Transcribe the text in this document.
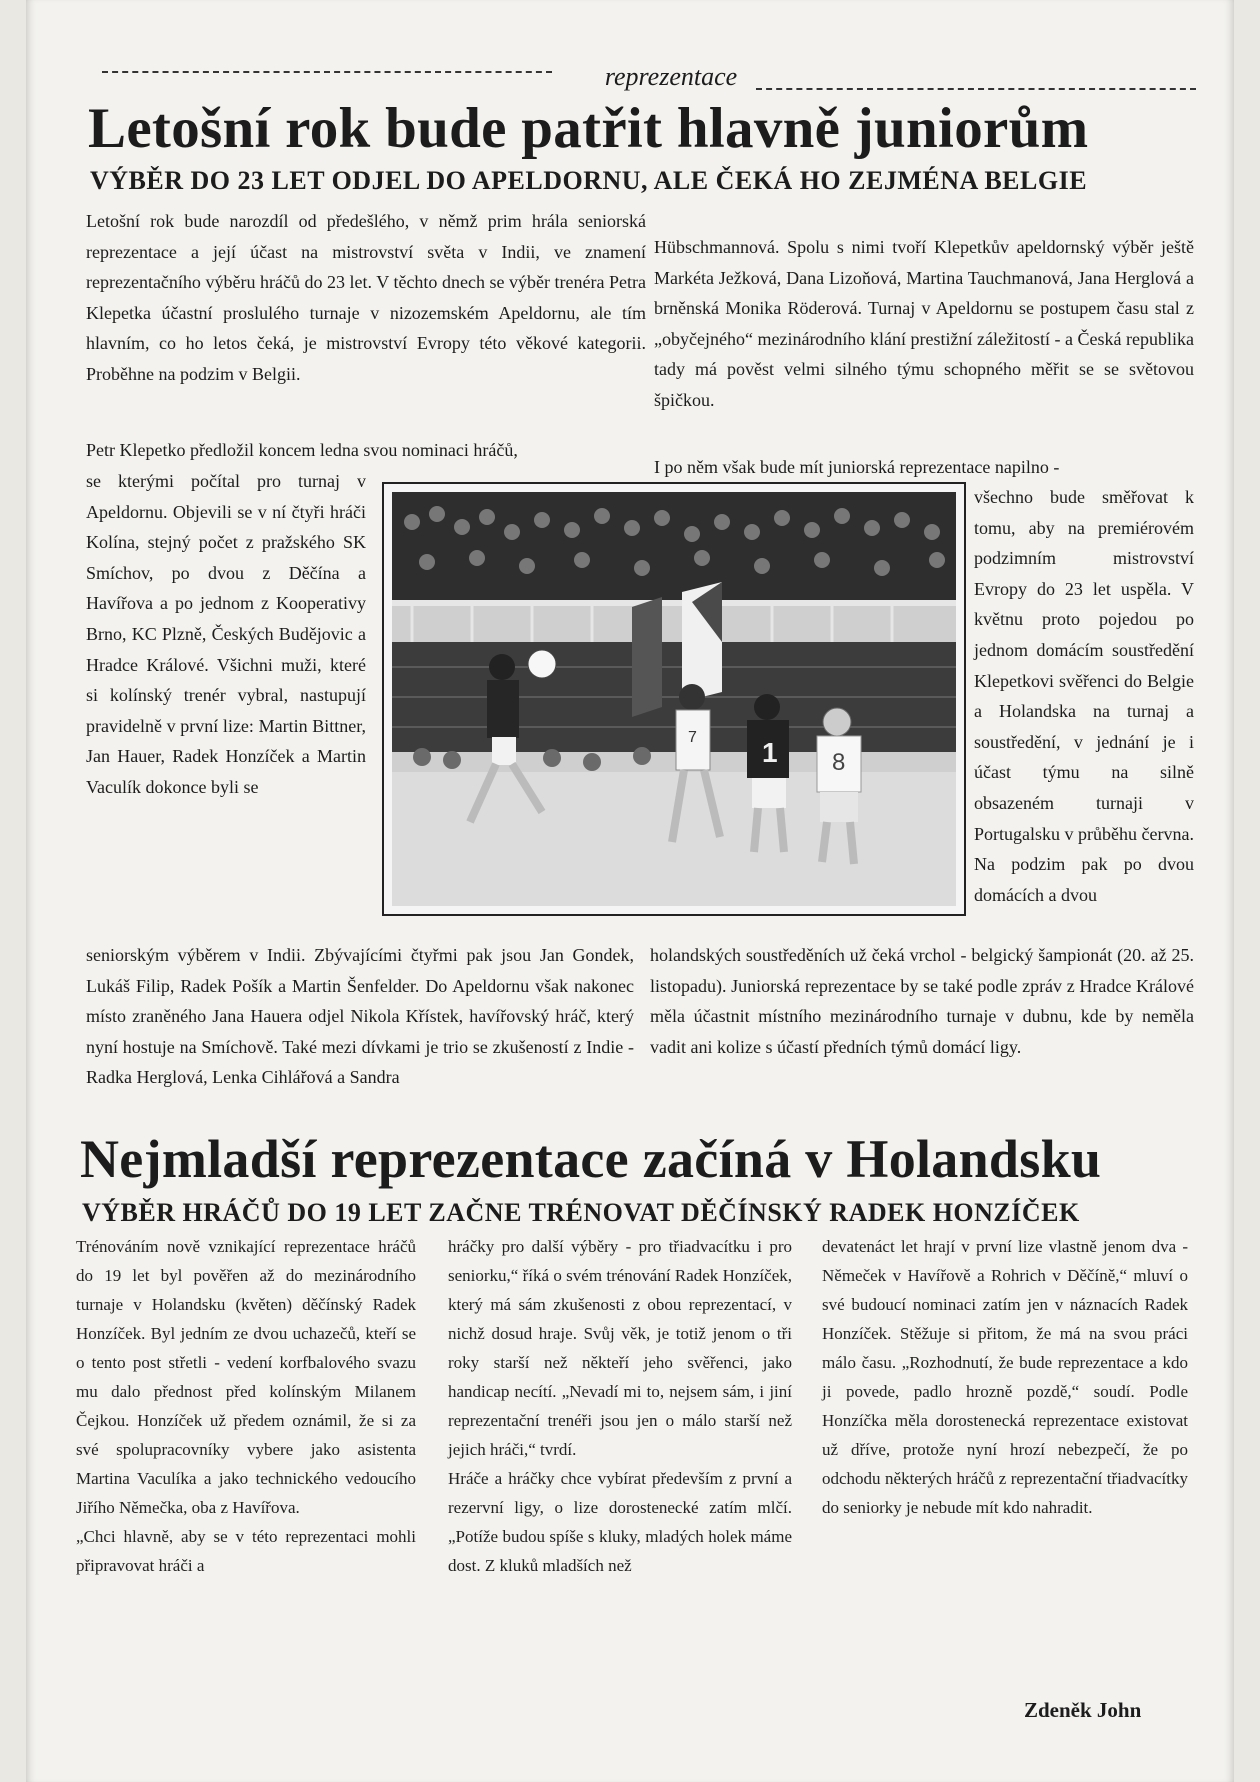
reprezentace
Letošní rok bude patřit hlavně juniorům
VÝBĚR DO 23 LET ODJEL DO APELDORNU, ALE ČEKÁ HO ZEJMÉNA BELGIE

Letošní rok bude narozdíl od předešlého, v němž prim hrála seniorská reprezentace a její účast na mistrovství světa v Indii, ve znamení reprezentačního výběru hráčů do 23 let. V těchto dnech se výběr trenéra Petra Klepetka účastní proslulého turnaje v nizozemském Apeldornu, ale tím hlavním, co ho letos čeká, je mistrovství Evropy této věkové kategorii. Proběhne na podzim v Belgii.

Petr Klepetko předložil koncem ledna svou nominaci hráčů,

se kterými počítal pro turnaj v Apeldornu. Objevili se v ní čtyři hráči Kolína, stejný počet z pražského SK Smíchov, po dvou z Děčína a Havířova a po jednom z Kooperativy Brno, KC Plzně, Českých Budějovic a Hradce Králové. Všichni muži, které si kolínský trenér vybral, nastupují pravidelně v první lize: Martin Bittner, Jan Hauer, Radek Honzíček a Martin Vaculík dokonce byli se

seniorským výběrem v Indii. Zbývajícími čtyřmi pak jsou Jan Gondek, Lukáš Filip, Radek Pošík a Martin Šenfelder. Do Apeldornu však nakonec místo zraněného Jana Hauera odjel Nikola Křístek, havířovský hráč, který nyní hostuje na Smíchově. Také mezi dívkami je trio se zkušeností z Indie - Radka Herglová, Lenka Cihlářová a Sandra

Hübschmannová. Spolu s nimi tvoří Klepetkův apeldornský výběr ještě Markéta Ježková, Dana Lizoňová, Martina Tauchmanová, Jana Herglová a brněnská Monika Röderová. Turnaj v Apeldornu se postupem času stal z „obyčejného“ mezinárodního klání prestižní záležitostí - a Česká republika tady má pověst velmi silného týmu schopného měřit se se světovou špičkou.

I po něm však bude mít juniorská reprezentace napilno -

všechno bude směřovat k tomu, aby na premiérovém podzimním mistrovství Evropy do 23 let uspěla. V květnu proto pojedou po jednom domácím soustředění Klepetkovi svěřenci do Belgie a Holandska na turnaj a soustředění, v jednání je i účast týmu na silně obsazeném turnaji v Portugalsku v průběhu června. Na podzim pak po dvou domácích a dvou

holandských soustředěních už čeká vrchol - belgický šampionát (20. až 25. listopadu). Juniorská reprezentace by se také podle zpráv z Hradce Králové měla účastnit místního mezinárodního turnaje v dubnu, kde by neměla vadit ani kolize s účastí předních týmů domácí ligy.

7 1 8
Nejmladší reprezentace začíná v Holandsku
VÝBĚR HRÁČŮ DO 19 LET ZAČNE TRÉNOVAT DĚČÍNSKÝ RADEK HONZÍČEK

Trénováním nově vznikající reprezentace hráčů do 19 let byl pověřen až do mezinárodního turnaje v Holandsku (květen) děčínský Radek Honzíček. Byl jedním ze dvou uchazečů, kteří se o tento post střetli - vedení korfbalového svazu mu dalo přednost před kolínským Milanem Čejkou. Honzíček už předem oznámil, že si za své spolupracovníky vybere jako asistenta Martina Vaculíka a jako technického vedoucího Jiřího Němečka, oba z Havířova.

„Chci hlavně, aby se v této reprezentaci mohli připravovat hráči a

hráčky pro další výběry - pro třiadvacítku i pro seniorku,“ říká o svém trénování Radek Honzíček, který má sám zkušenosti z obou reprezentací, v nichž dosud hraje. Svůj věk, je totiž jenom o tři roky starší než někteří jeho svěřenci, jako handicap necítí. „Nevadí mi to, nejsem sám, i jiní reprezentační trenéři jsou jen o málo starší než jejich hráči,“ tvrdí.

Hráče a hráčky chce vybírat především z první a rezervní ligy, o lize dorostenecké zatím mlčí. „Potíže budou spíše s kluky, mladých holek máme dost. Z kluků mladších než

devatenáct let hrají v první lize vlastně jenom dva - Němeček v Havířově a Rohrich v Děčíně,“ mluví o své budoucí nominaci zatím jen v náznacích Radek Honzíček. Stěžuje si přitom, že má na svou práci málo času. „Rozhodnutí, že bude reprezentace a kdo ji povede, padlo hrozně pozdě,“ soudí. Podle Honzíčka měla dorostenecká reprezentace existovat už dříve, protože nyní hrozí nebezpečí, že po odchodu některých hráčů z reprezentační třiadvacítky do seniorky je nebude mít kdo nahradit.

Zdeněk John
